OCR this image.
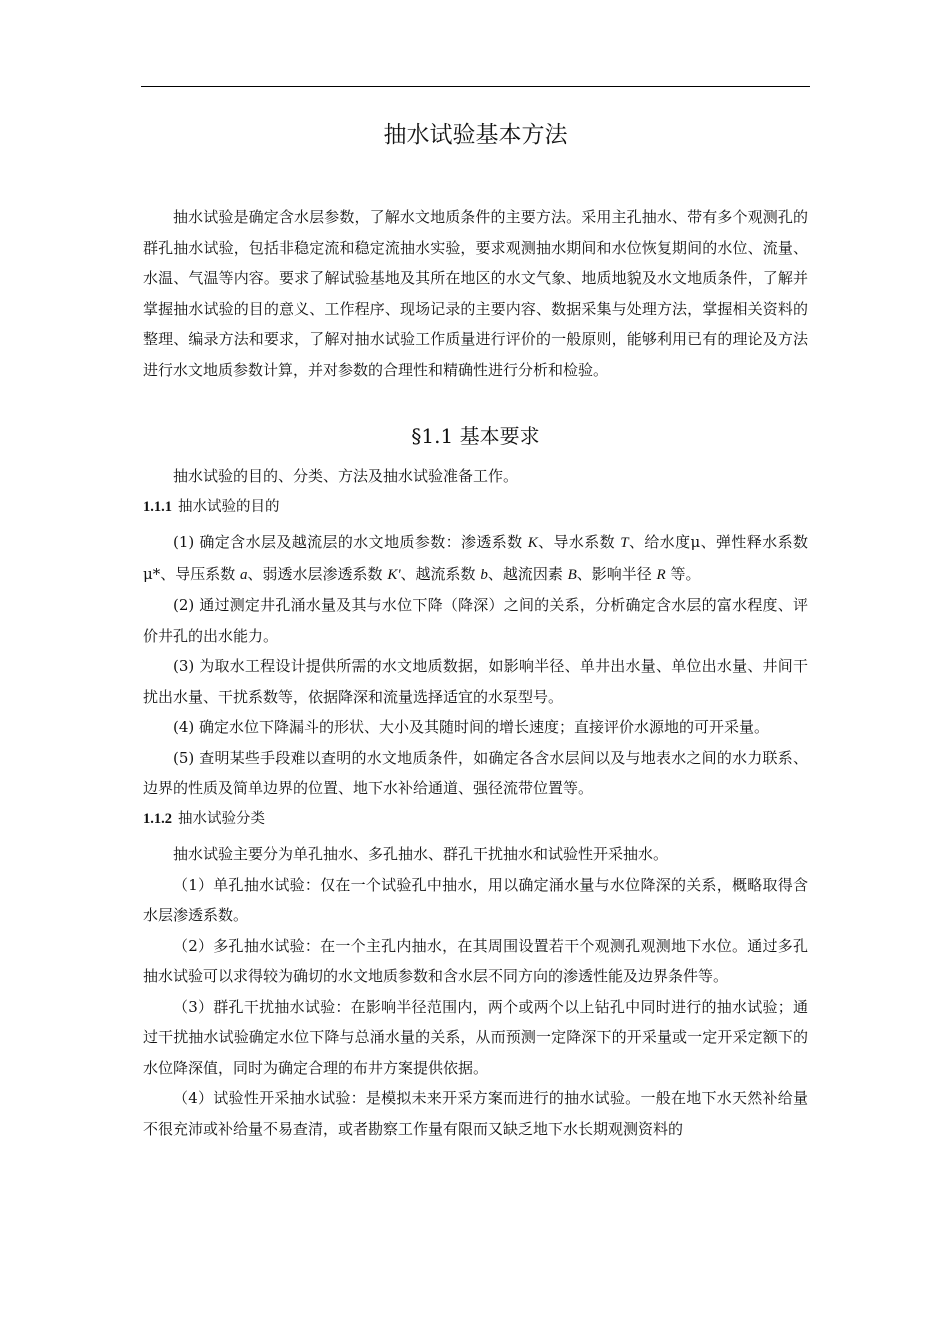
抽水试验基本方法

抽水试验是确定含水层参数，了解水文地质条件的主要方法。采用主孔抽水、带有多个观测孔的群孔抽水试验，包括非稳定流和稳定流抽水实验，要求观测抽水期间和水位恢复期间的水位、流量、水温、气温等内容。要求了解试验基地及其所在地区的水文气象、地质地貌及水文地质条件，了解并掌握抽水试验的目的意义、工作程序、现场记录的主要内容、数据采集与处理方法，掌握相关资料的整理、编录方法和要求，了解对抽水试验工作质量进行评价的一般原则，能够利用已有的理论及方法进行水文地质参数计算，并对参数的合理性和精确性进行分析和检验。

§1.1 基本要求

抽水试验的目的、分类、方法及抽水试验准备工作。

1.1.1 抽水试验的目的

(1) 确定含水层及越流层的水文地质参数：渗透系数 K、导水系数 T、给水度μ、弹性释水系数μ*、导压系数 a、弱透水层渗透系数 K'、越流系数 b、越流因素 B、影响半径 R 等。

(2) 通过测定井孔涌水量及其与水位下降（降深）之间的关系，分析确定含水层的富水程度、评价井孔的出水能力。

(3) 为取水工程设计提供所需的水文地质数据，如影响半径、单井出水量、单位出水量、井间干扰出水量、干扰系数等，依据降深和流量选择适宜的水泵型号。

(4) 确定水位下降漏斗的形状、大小及其随时间的增长速度；直接评价水源地的可开采量。

(5) 查明某些手段难以查明的水文地质条件，如确定各含水层间以及与地表水之间的水力联系、边界的性质及简单边界的位置、地下水补给通道、强径流带位置等。

1.1.2 抽水试验分类

抽水试验主要分为单孔抽水、多孔抽水、群孔干扰抽水和试验性开采抽水。

（1）单孔抽水试验：仅在一个试验孔中抽水，用以确定涌水量与水位降深的关系，概略取得含水层渗透系数。

（2）多孔抽水试验：在一个主孔内抽水，在其周围设置若干个观测孔观测地下水位。通过多孔抽水试验可以求得较为确切的水文地质参数和含水层不同方向的渗透性能及边界条件等。

（3）群孔干扰抽水试验：在影响半径范围内，两个或两个以上钻孔中同时进行的抽水试验；通过干扰抽水试验确定水位下降与总涌水量的关系，从而预测一定降深下的开采量或一定开采定额下的水位降深值，同时为确定合理的布井方案提供依据。

（4）试验性开采抽水试验：是模拟未来开采方案而进行的抽水试验。一般在地下水天然补给量不很充沛或补给量不易查清，或者勘察工作量有限而又缺乏地下水长期观测资料的
